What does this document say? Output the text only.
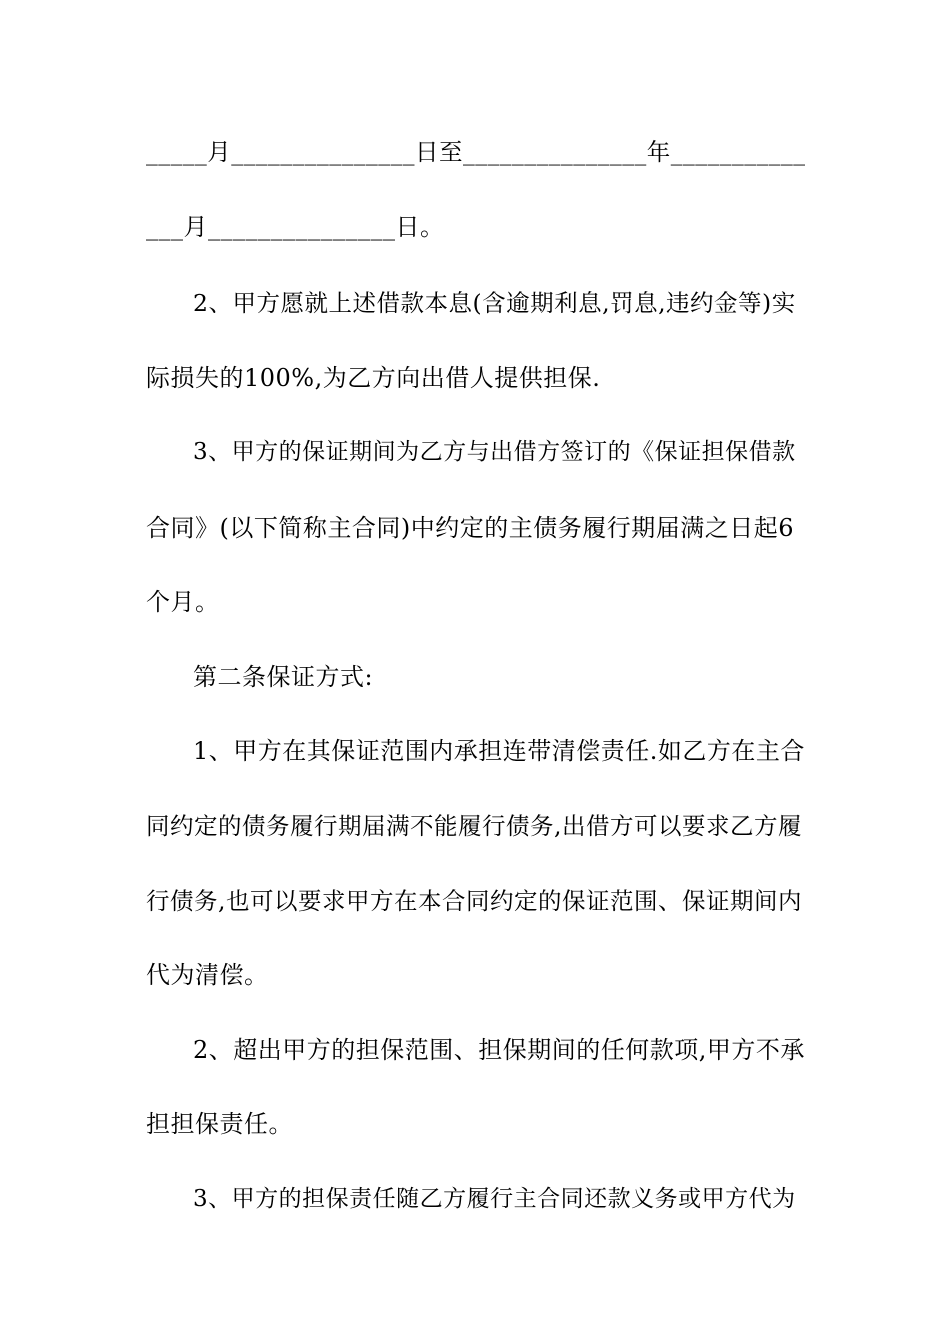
_____月_______________日至_______________年___________
___月_______________日。
2、甲方愿就上述借款本息(含逾期利息,罚息,违约金等)实
际损失的100%,为乙方向出借人提供担保.
3、甲方的保证期间为乙方与出借方签订的《保证担保借款
合同》(以下简称主合同)中约定的主债务履行期届满之日起6
个月。
第二条保证方式:
1、甲方在其保证范围内承担连带清偿责任.如乙方在主合
同约定的债务履行期届满不能履行债务,出借方可以要求乙方履
行债务,也可以要求甲方在本合同约定的保证范围、保证期间内
代为清偿。
2、超出甲方的担保范围、担保期间的任何款项,甲方不承
担担保责任。
3、甲方的担保责任随乙方履行主合同还款义务或甲方代为
